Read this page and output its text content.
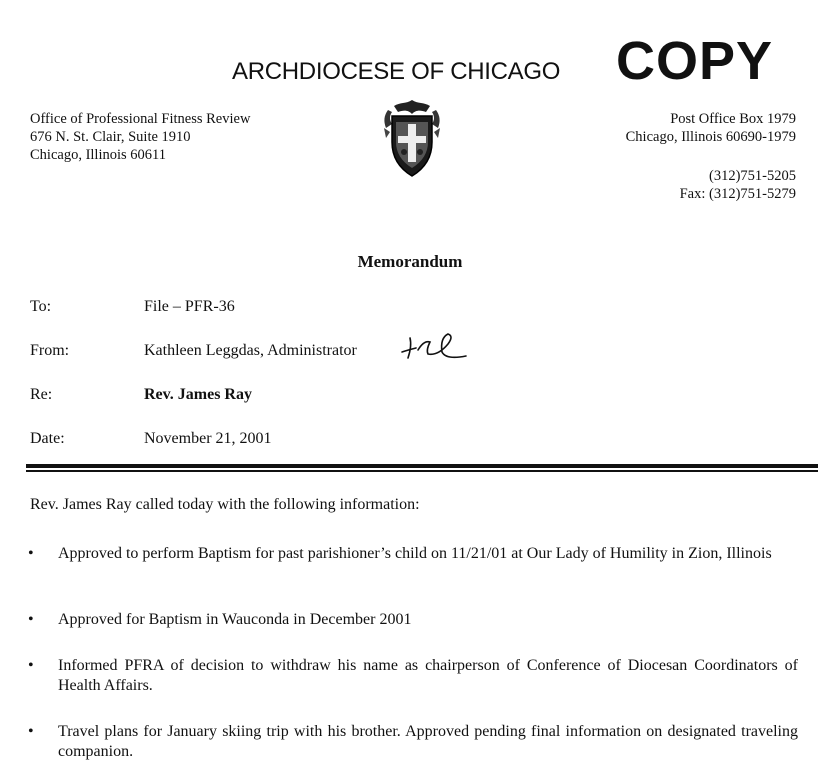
ARCHDIOCESE OF CHICAGO COPY
Office of Professional Fitness Review
676 N. St. Clair, Suite 1910
Chicago, Illinois 60611
Post Office Box 1979
Chicago, Illinois 60690-1979
(312)751-5205
Fax: (312)751-5279
Memorandum
To:	File – PFR-36
From:	Kathleen Leggdas, Administrator
Re:	Rev. James Ray
Date:	November 21, 2001
Rev. James Ray called today with the following information:
• Approved to perform Baptism for past parishioner’s child on 11/21/01 at Our Lady of Humility in Zion, Illinois
• Approved for Baptism in Wauconda in December 2001
• Informed PFRA of decision to withdraw his name as chairperson of Conference of Diocesan Coordinators of Health Affairs.
• Travel plans for January skiing trip with his brother. Approved pending final information on designated traveling companion.
